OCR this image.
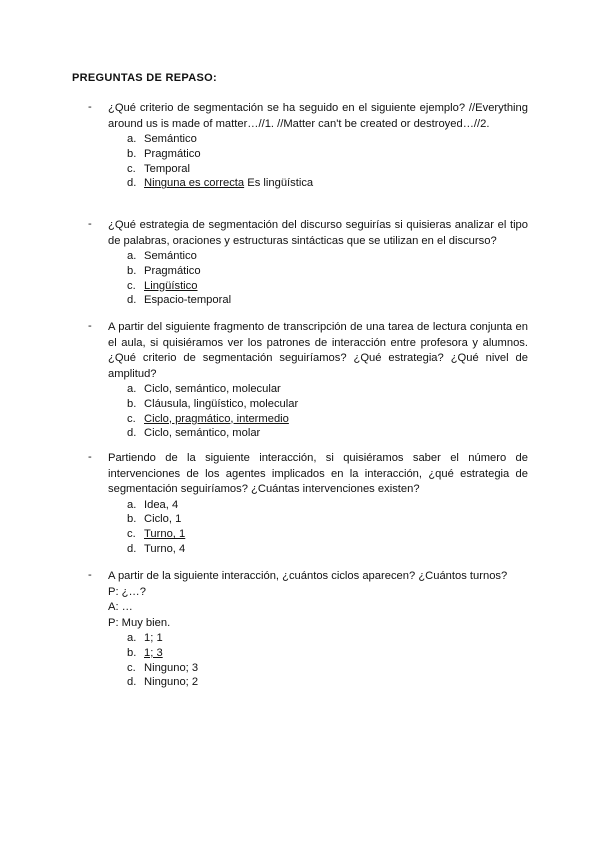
PREGUNTAS DE REPASO:
- ¿Qué criterio de segmentación se ha seguido en el siguiente ejemplo? //Everything around us is made of matter…//1. //Matter can't be created or destroyed…//2.
a. Semántico
b. Pragmático
c. Temporal
d. Ninguna es correcta Es lingüística
- ¿Qué estrategia de segmentación del discurso seguirías si quisieras analizar el tipo de palabras, oraciones y estructuras sintácticas que se utilizan en el discurso?
a. Semántico
b. Pragmático
c. Lingüístico
d. Espacio-temporal
- A partir del siguiente fragmento de transcripción de una tarea de lectura conjunta en el aula, si quisiéramos ver los patrones de interacción entre profesora y alumnos. ¿Qué criterio de segmentación seguiríamos? ¿Qué estrategia? ¿Qué nivel de amplitud?
a. Ciclo, semántico, molecular
b. Cláusula, lingüístico, molecular
c. Ciclo, pragmático, intermedio
d. Ciclo, semántico, molar
- Partiendo de la siguiente interacción, si quisiéramos saber el número de intervenciones de los agentes implicados en la interacción, ¿qué estrategia de segmentación seguiríamos? ¿Cuántas intervenciones existen?
a. Idea, 4
b. Ciclo, 1
c. Turno, 1
d. Turno, 4
- A partir de la siguiente interacción, ¿cuántos ciclos aparecen? ¿Cuántos turnos?
P: ¿…?
A: …
P: Muy bien.
a. 1; 1
b. 1; 3
c. Ninguno; 3
d. Ninguno; 2
